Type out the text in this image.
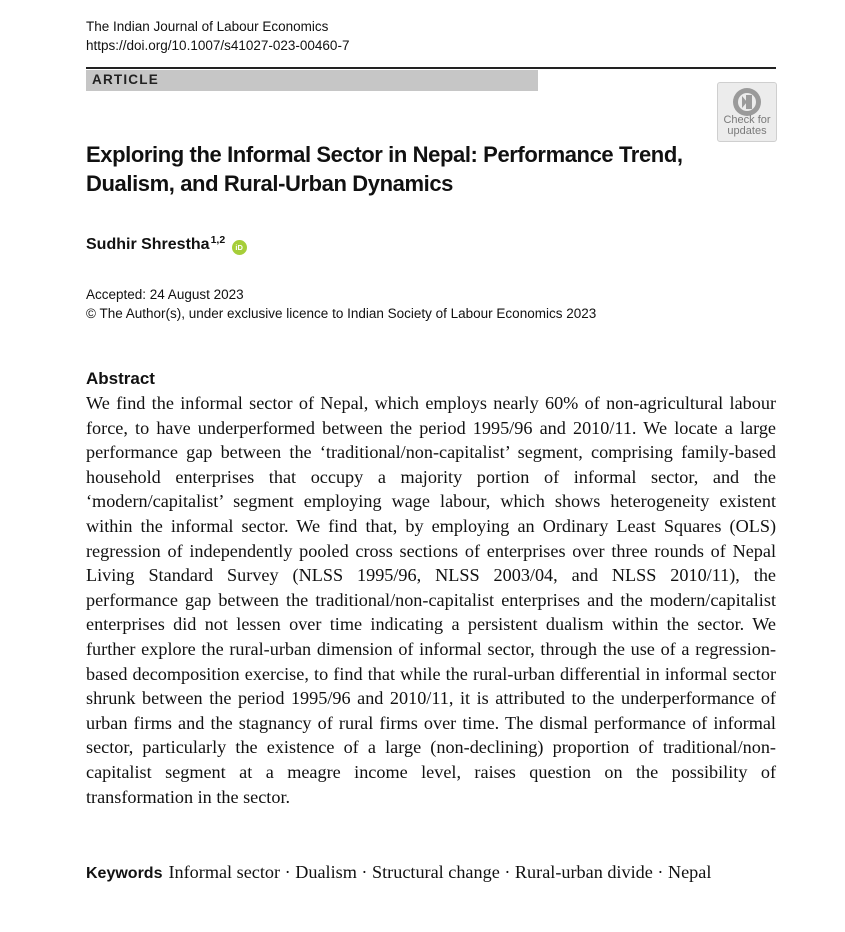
The Indian Journal of Labour Economics
https://doi.org/10.1007/s41027-023-00460-7
ARTICLE
Check for
updates
Exploring the Informal Sector in Nepal: Performance Trend, Dualism, and Rural-Urban Dynamics
Sudhir Shrestha$^{1,2}$ iD
Accepted: 24 August 2023
© The Author(s), under exclusive licence to Indian Society of Labour Economics 2023
Abstract

We find the informal sector of Nepal, which employs nearly 60% of non-agricultural labour force, to have underperformed between the period 1995/96 and 2010/11. We locate a large performance gap between the ‘traditional/non-capitalist’ segment, comprising family-based household enterprises that occupy a majority portion of informal sector, and the ‘modern/capitalist’ segment employing wage labour, which shows heterogeneity existent within the informal sector. We find that, by employing an Ordinary Least Squares (OLS) regression of independently pooled cross sections of enterprises over three rounds of Nepal Living Standard Survey (NLSS 1995/96, NLSS 2003/04, and NLSS 2010/11), the performance gap between the traditional/non-capitalist enterprises and the modern/capitalist enterprises did not lessen over time indicating a persistent dualism within the sector. We further explore the rural-urban dimension of informal sector, through the use of a regression-based decomposition exercise, to find that while the rural-urban differential in informal sector shrunk between the period 1995/96 and 2010/11, it is attributed to the underperformance of urban firms and the stagnancy of rural firms over time. The dismal performance of informal sector, particularly the existence of a large (non-declining) proportion of traditional/non-capitalist segment at a meagre income level, raises question on the possibility of transformation in the sector.

Keywords Informal sector · Dualism · Structural change · Rural-urban divide · Nepal
